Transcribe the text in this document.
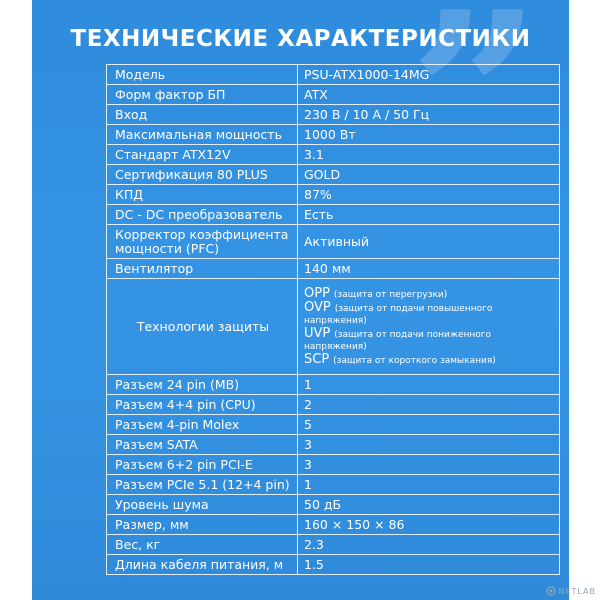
”
ТЕХНИЧЕСКИЕ ХАРАКТЕРИСТИКИ
Модель	PSU-ATX1000-14MG
Форм фактор БП	ATX
Вход	230 В / 10 А / 50 Гц
Максимальная мощность	1000 Вт
Стандарт ATX12V	3.1
Сертификация 80 PLUS	GOLD
КПД	87%
DC - DC преобразователь	Есть
Корректор коэффициента мощности (PFC)	Активный
Вентилятор	140 мм
Технологии защиты	OPP (защита от перегрузки)
OVP (защита от подачи повышенного напряжения)
UVP (защита от подачи пониженного напряжения)
SCP (защита от короткого замыкания)

Разъем 24 pin (MB)	1
Разъем 4+4 pin (CPU)	2
Разъем 4-pin Molex	5
Разъем SATA	3
Разъем 6+2 pin PCI-E	3
Разъем PCIe 5.1 (12+4 pin)	1
Уровень шума	50 дБ
Размер, мм	160 × 150 × 86
Вес, кг	2.3
Длина кабеля питания, м	1.5
NETLAB
